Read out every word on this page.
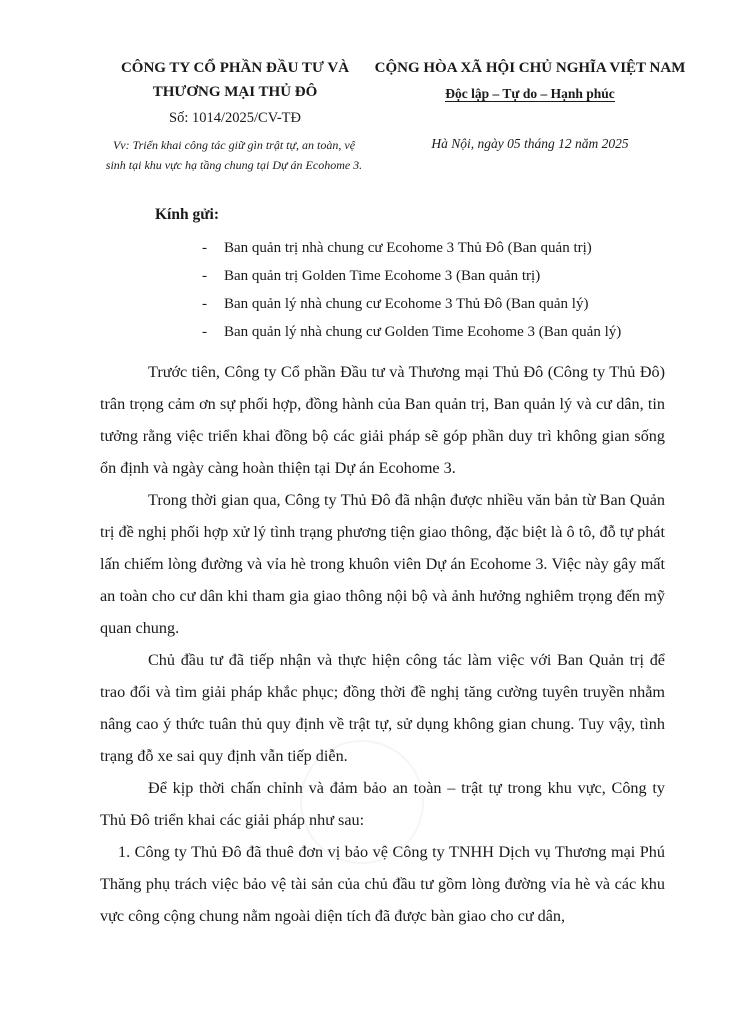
CÔNG TY CỔ PHẦN ĐẦU TƯ VÀ
THƯƠNG MẠI THỦ ĐÔ
Số: 1014/2025/CV-TĐ
Vv: Triển khai công tác giữ gìn trật tự, an toàn, vệ
sinh tại khu vực hạ tầng chung tại Dự án Ecohome 3.
CỘNG HÒA XÃ HỘI CHỦ NGHĨA VIỆT NAM
Độc lập – Tự do – Hạnh phúc
Hà Nội, ngày 05 tháng 12 năm 2025
Kính gửi:
- Ban quản trị nhà chung cư Ecohome 3 Thủ Đô (Ban quản trị)
- Ban quản trị Golden Time Ecohome 3 (Ban quản trị)
- Ban quản lý nhà chung cư Ecohome 3 Thủ Đô (Ban quản lý)
- Ban quản lý nhà chung cư Golden Time Ecohome 3 (Ban quản lý)
Trước tiên, Công ty Cổ phần Đầu tư và Thương mại Thủ Đô (Công ty Thủ Đô) trân trọng cảm ơn sự phối hợp, đồng hành của Ban quản trị, Ban quản lý và cư dân, tin tưởng rằng việc triển khai đồng bộ các giải pháp sẽ góp phần duy trì không gian sống ổn định và ngày càng hoàn thiện tại Dự án Ecohome 3.
Trong thời gian qua, Công ty Thủ Đô đã nhận được nhiều văn bản từ Ban Quản trị đề nghị phối hợp xử lý tình trạng phương tiện giao thông, đặc biệt là ô tô, đỗ tự phát lấn chiếm lòng đường và vỉa hè trong khuôn viên Dự án Ecohome 3. Việc này gây mất an toàn cho cư dân khi tham gia giao thông nội bộ và ảnh hưởng nghiêm trọng đến mỹ quan chung.
Chủ đầu tư đã tiếp nhận và thực hiện công tác làm việc với Ban Quản trị để trao đổi và tìm giải pháp khắc phục; đồng thời đề nghị tăng cường tuyên truyền nhằm nâng cao ý thức tuân thủ quy định về trật tự, sử dụng không gian chung. Tuy vậy, tình trạng đỗ xe sai quy định vẫn tiếp diễn.
Để kịp thời chấn chỉnh và đảm bảo an toàn – trật tự trong khu vực, Công ty Thủ Đô triển khai các giải pháp như sau:
1. Công ty Thủ Đô đã thuê đơn vị bảo vệ Công ty TNHH Dịch vụ Thương mại Phú Thăng phụ trách việc bảo vệ tài sản của chủ đầu tư gồm lòng đường vỉa hè và các khu vực công cộng chung nằm ngoài diện tích đã được bàn giao cho cư dân,
